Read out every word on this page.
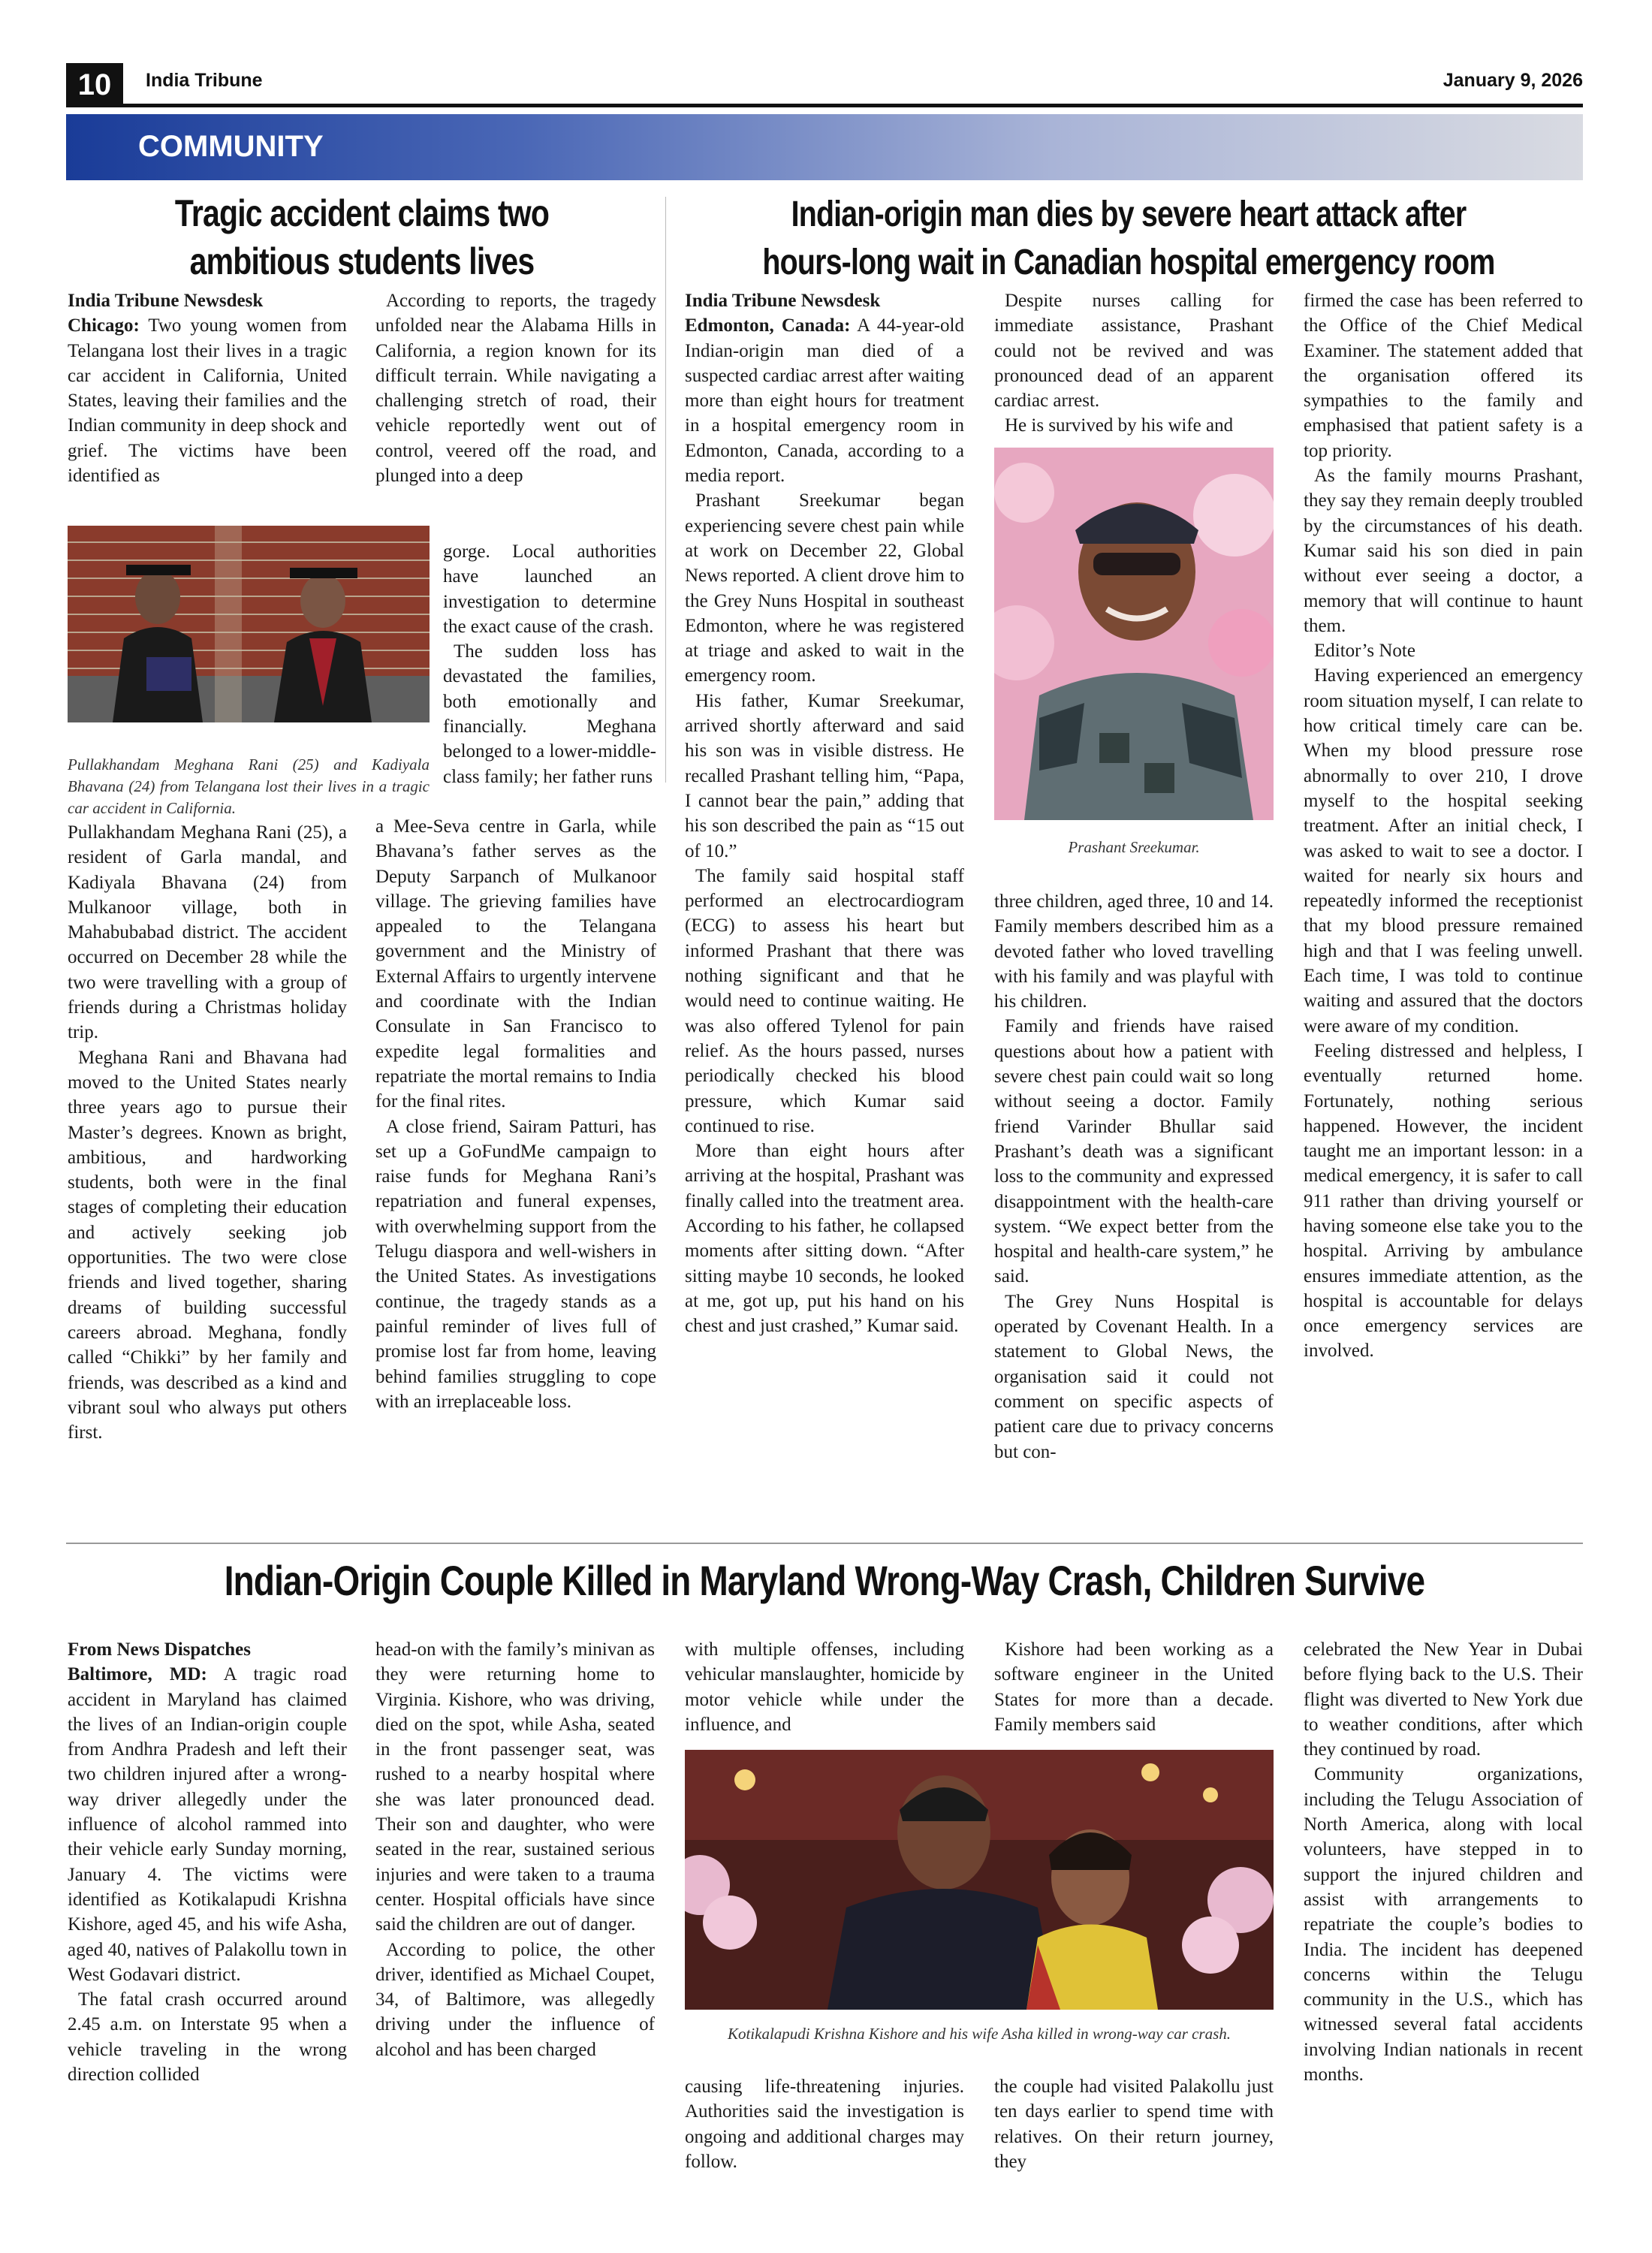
10	India Tribune	January 9, 2026
COMMUNITY
Tragic accident claims two ambitious students lives
India Tribune Newsdesk

Chicago: Two young women from Telangana lost their lives in a tragic car accident in California, United States, leaving their families and the Indian community in deep shock and grief. The victims have been identified as

Pullakhandam Meghana Rani (25) and Kadiyala Bhavana (24) from Telangana lost their lives in a tragic car accident in California.

Pullakhandam Meghana Rani (25), a resident of Garla mandal, and Kadiyala Bhavana (24) from Mulkanoor village, both in Mahabubabad district. The accident occurred on December 28 while the two were travelling with a group of friends during a Christmas holiday trip.

Meghana Rani and Bhavana had moved to the United States nearly three years ago to pursue their Master’s degrees. Known as bright, ambitious, and hardworking students, both were in the final stages of completing their education and actively seeking job opportunities. The two were close friends and lived together, sharing dreams of building successful careers abroad. Meghana, fondly called “Chikki” by her family and friends, was described as a kind and vibrant soul who always put others first.

According to reports, the tragedy unfolded near the Alabama Hills in California, a region known for its difficult terrain. While navigating a challenging stretch of road, their vehicle reportedly went out of control, veered off the road, and plunged into a deep

gorge. Local authorities have launched an investigation to determine the exact cause of the crash.

The sudden loss has devastated the families, both emotionally and financially. Meghana belonged to a lower-middle-class family; her father runs

a Mee-Seva centre in Garla, while Bhavana’s father serves as the Deputy Sarpanch of Mulkanoor village. The grieving families have appealed to the Telangana government and the Ministry of External Affairs to urgently intervene and coordinate with the Indian Consulate in San Francisco to expedite legal formalities and repatriate the mortal remains to India for the final rites.

A close friend, Sairam Patturi, has set up a GoFundMe campaign to raise funds for Meghana Rani’s repatriation and funeral expenses, with overwhelming support from the Telugu diaspora and well-wishers in the United States. As investigations continue, the tragedy stands as a painful reminder of lives full of promise lost far from home, leaving behind families struggling to cope with an irreplaceable loss.

Indian-origin man dies by severe heart attack after hours-long wait in Canadian hospital emergency room
India Tribune Newsdesk

Edmonton, Canada: A 44-year-old Indian-origin man died of a suspected cardiac arrest after waiting more than eight hours for treatment in a hospital emergency room in Edmonton, Canada, according to a media report.

Prashant Sreekumar began experiencing severe chest pain while at work on December 22, Global News reported. A client drove him to the Grey Nuns Hospital in southeast Edmonton, where he was registered at triage and asked to wait in the emergency room.

His father, Kumar Sreekumar, arrived shortly afterward and said his son was in visible distress. He recalled Prashant telling him, “Papa, I cannot bear the pain,” adding that his son described the pain as “15 out of 10.”

The family said hospital staff performed an electrocardiogram (ECG) to assess his heart but informed Prashant that there was nothing significant and that he would need to continue waiting. He was also offered Tylenol for pain relief. As the hours passed, nurses periodically checked his blood pressure, which Kumar said continued to rise.

More than eight hours after arriving at the hospital, Prashant was finally called into the treatment area. According to his father, he collapsed moments after sitting down. “After sitting maybe 10 seconds, he looked at me, got up, put his hand on his chest and just crashed,” Kumar said.

Despite nurses calling for immediate assistance, Prashant could not be revived and was pronounced dead of an apparent cardiac arrest.

He is survived by his wife and

Prashant Sreekumar.

three children, aged three, 10 and 14. Family members described him as a devoted father who loved travelling with his family and was playful with his children.

Family and friends have raised questions about how a patient with severe chest pain could wait so long without seeing a doctor. Family friend Varinder Bhullar said Prashant’s death was a significant loss to the community and expressed disappointment with the health-care system. “We expect better from the hospital and health-care system,” he said.

The Grey Nuns Hospital is operated by Covenant Health. In a statement to Global News, the organisation said it could not comment on specific aspects of patient care due to privacy concerns but con-

firmed the case has been referred to the Office of the Chief Medical Examiner. The statement added that the organisation offered its sympathies to the family and emphasised that patient safety is a top priority.

As the family mourns Prashant, they say they remain deeply troubled by the circumstances of his death. Kumar said his son died in pain without ever seeing a doctor, a memory that will continue to haunt them.

Editor’s Note

Having experienced an emergency room situation myself, I can relate to how critical timely care can be. When my blood pressure rose abnormally to over 210, I drove myself to the hospital seeking treatment. After an initial check, I was asked to wait to see a doctor. I waited for nearly six hours and repeatedly informed the receptionist that my blood pressure remained high and that I was feeling unwell. Each time, I was told to continue waiting and assured that the doctors were aware of my condition.

Feeling distressed and helpless, I eventually returned home. Fortunately, nothing serious happened. However, the incident taught me an important lesson: in a medical emergency, it is safer to call 911 rather than driving yourself or having someone else take you to the hospital. Arriving by ambulance ensures immediate attention, as the hospital is accountable for delays once emergency services are involved.

Indian-Origin Couple Killed in Maryland Wrong-Way Crash, Children Survive
From News Dispatches

Baltimore, MD: A tragic road accident in Maryland has claimed the lives of an Indian-origin couple from Andhra Pradesh and left their two children injured after a wrong-way driver allegedly under the influence of alcohol rammed into their vehicle early Sunday morning, January 4. The victims were identified as Kotikalapudi Krishna Kishore, aged 45, and his wife Asha, aged 40, natives of Palakollu town in West Godavari district.

The fatal crash occurred around 2.45 a.m. on Interstate 95 when a vehicle traveling in the wrong direction collided

head-on with the family’s minivan as they were returning home to Virginia. Kishore, who was driving, died on the spot, while Asha, seated in the front passenger seat, was rushed to a nearby hospital where she was later pronounced dead. Their son and daughter, who were seated in the rear, sustained serious injuries and were taken to a trauma center. Hospital officials have since said the children are out of danger.

According to police, the other driver, identified as Michael Coupet, 34, of Baltimore, was allegedly driving under the influence of alcohol and has been charged

with multiple offenses, including vehicular manslaughter, homicide by motor vehicle while under the influence, and

Kishore had been working as a software engineer in the United States for more than a decade. Family members said

Kotikalapudi Krishna Kishore and his wife Asha killed in wrong-way car crash.

causing life-threatening injuries. Authorities said the investigation is ongoing and additional charges may follow.

the couple had visited Palakollu just ten days earlier to spend time with relatives. On their return journey, they

celebrated the New Year in Dubai before flying back to the U.S. Their flight was diverted to New York due to weather conditions, after which they continued by road.

Community organizations, including the Telugu Association of North America, along with local volunteers, have stepped in to support the injured children and assist with arrangements to repatriate the couple’s bodies to India. The incident has deepened concerns within the Telugu community in the U.S., which has witnessed several fatal accidents involving Indian nationals in recent months.
